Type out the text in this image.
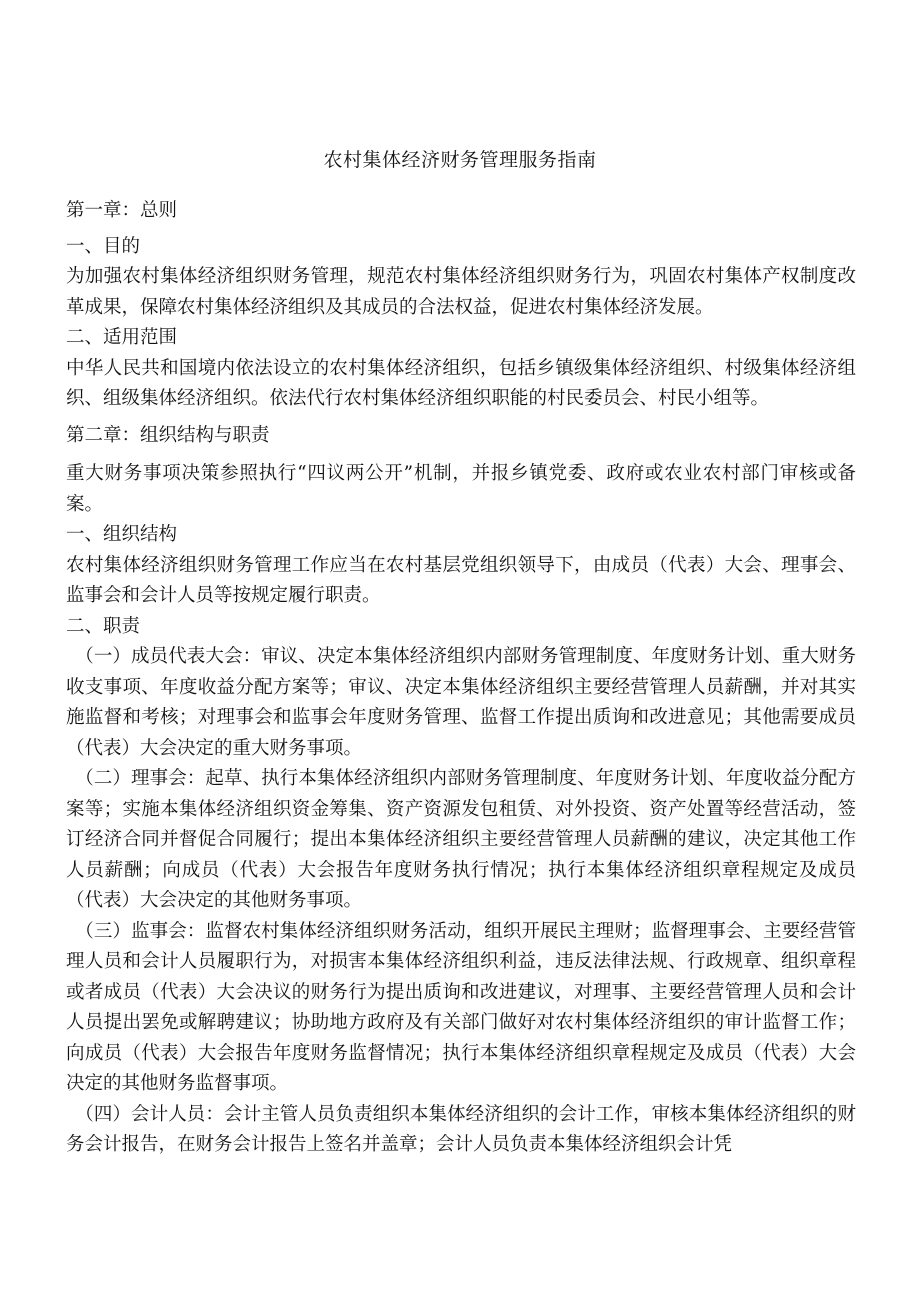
农村集体经济财务管理服务指南

第一章：总则

一、目的

为加强农村集体经济组织财务管理，规范农村集体经济组织财务行为，巩固农村集体产权制度改革成果，保障农村集体经济组织及其成员的合法权益，促进农村集体经济发展。

二、适用范围

中华人民共和国境内依法设立的农村集体经济组织，包括乡镇级集体经济组织、村级集体经济组织、组级集体经济组织。依法代行农村集体经济组织职能的村民委员会、村民小组等。

第二章：组织结构与职责

重大财务事项决策参照执行“四议两公开”机制，并报乡镇党委、政府或农业农村部门审核或备案。

一、组织结构

农村集体经济组织财务管理工作应当在农村基层党组织领导下，由成员（代表）大会、理事会、监事会和会计人员等按规定履行职责。

二、职责

（一）成员代表大会：审议、决定本集体经济组织内部财务管理制度、年度财务计划、重大财务收支事项、年度收益分配方案等；审议、决定本集体经济组织主要经营管理人员薪酬，并对其实施监督和考核；对理事会和监事会年度财务管理、监督工作提出质询和改进意见；其他需要成员（代表）大会决定的重大财务事项。

（二）理事会：起草、执行本集体经济组织内部财务管理制度、年度财务计划、年度收益分配方案等；实施本集体经济组织资金筹集、资产资源发包租赁、对外投资、资产处置等经营活动，签订经济合同并督促合同履行；提出本集体经济组织主要经营管理人员薪酬的建议，决定其他工作人员薪酬；向成员（代表）大会报告年度财务执行情况；执行本集体经济组织章程规定及成员（代表）大会决定的其他财务事项。

（三）监事会：监督农村集体经济组织财务活动，组织开展民主理财；监督理事会、主要经营管理人员和会计人员履职行为，对损害本集体经济组织利益，违反法律法规、行政规章、组织章程或者成员（代表）大会决议的财务行为提出质询和改进建议，对理事、主要经营管理人员和会计人员提出罢免或解聘建议；协助地方政府及有关部门做好对农村集体经济组织的审计监督工作；向成员（代表）大会报告年度财务监督情况；执行本集体经济组织章程规定及成员（代表）大会决定的其他财务监督事项。

（四）会计人员：会计主管人员负责组织本集体经济组织的会计工作，审核本集体经济组织的财务会计报告，在财务会计报告上签名并盖章；会计人员负责本集体经济组织会计凭
